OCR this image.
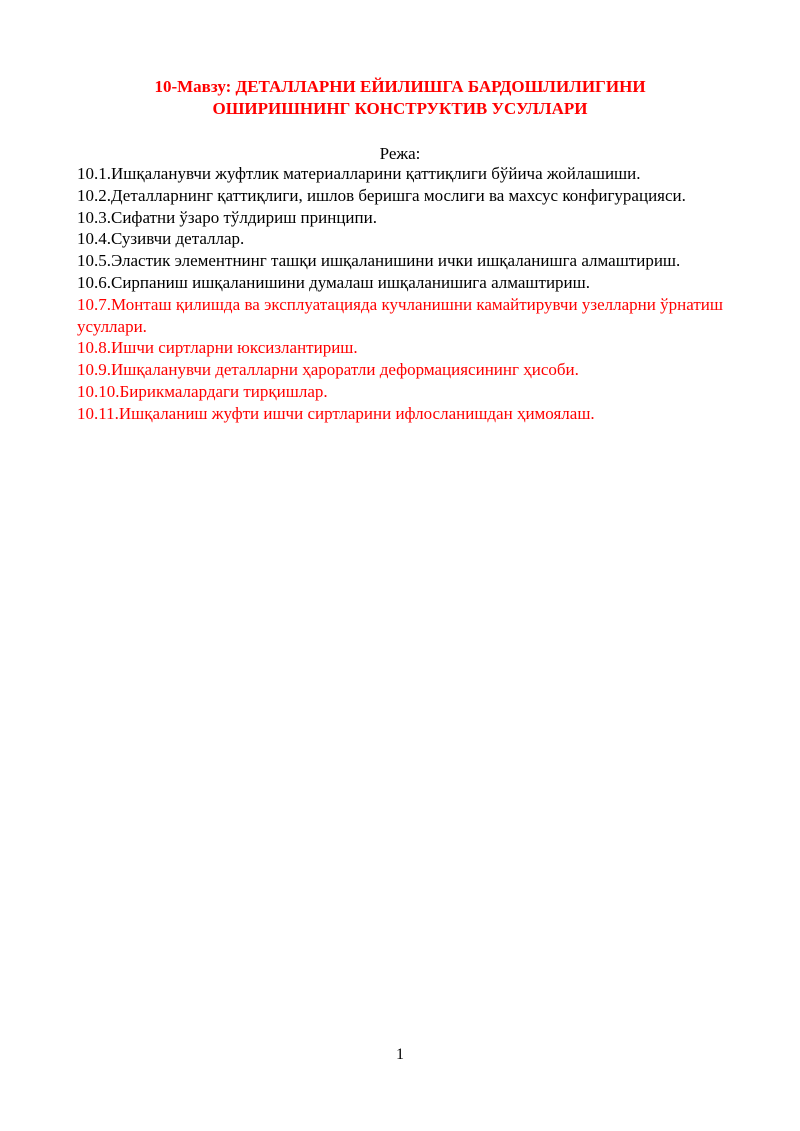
10-Мавзу: ДЕТАЛЛАРНИ ЕЙИЛИШГА БАРДОШЛИЛИГИНИ
ОШИРИШНИНГ КОНСТРУКТИВ УСУЛЛАРИ
Режа:
10.1.Ишқаланувчи жуфтлик материалларини қаттиқлиги бўйича жойлашиши.
10.2.Деталларнинг қаттиқлиги, ишлов беришга мослиги ва махсус конфигурацияси.
10.3.Сифатни ўзаро тўлдириш принципи.
10.4.Сузивчи деталлар.
10.5.Эластик элементнинг ташқи ишқаланишини ички ишқаланишга алмаштириш.
10.6.Сирпаниш ишқаланишини думалаш ишқаланишига алмаштириш.
10.7.Монташ қилишда ва эксплуатацияда кучланишни камайтирувчи узелларни ўрнатиш усуллари.
10.8.Ишчи сиртларни юксизлантириш.
10.9.Ишқаланувчи деталларни ҳароратли деформациясининг ҳисоби.
10.10.Бирикмалардаги тирқишлар.
10.11.Ишқаланиш жуфти ишчи сиртларини ифлосланишдан ҳимоялаш.
1
